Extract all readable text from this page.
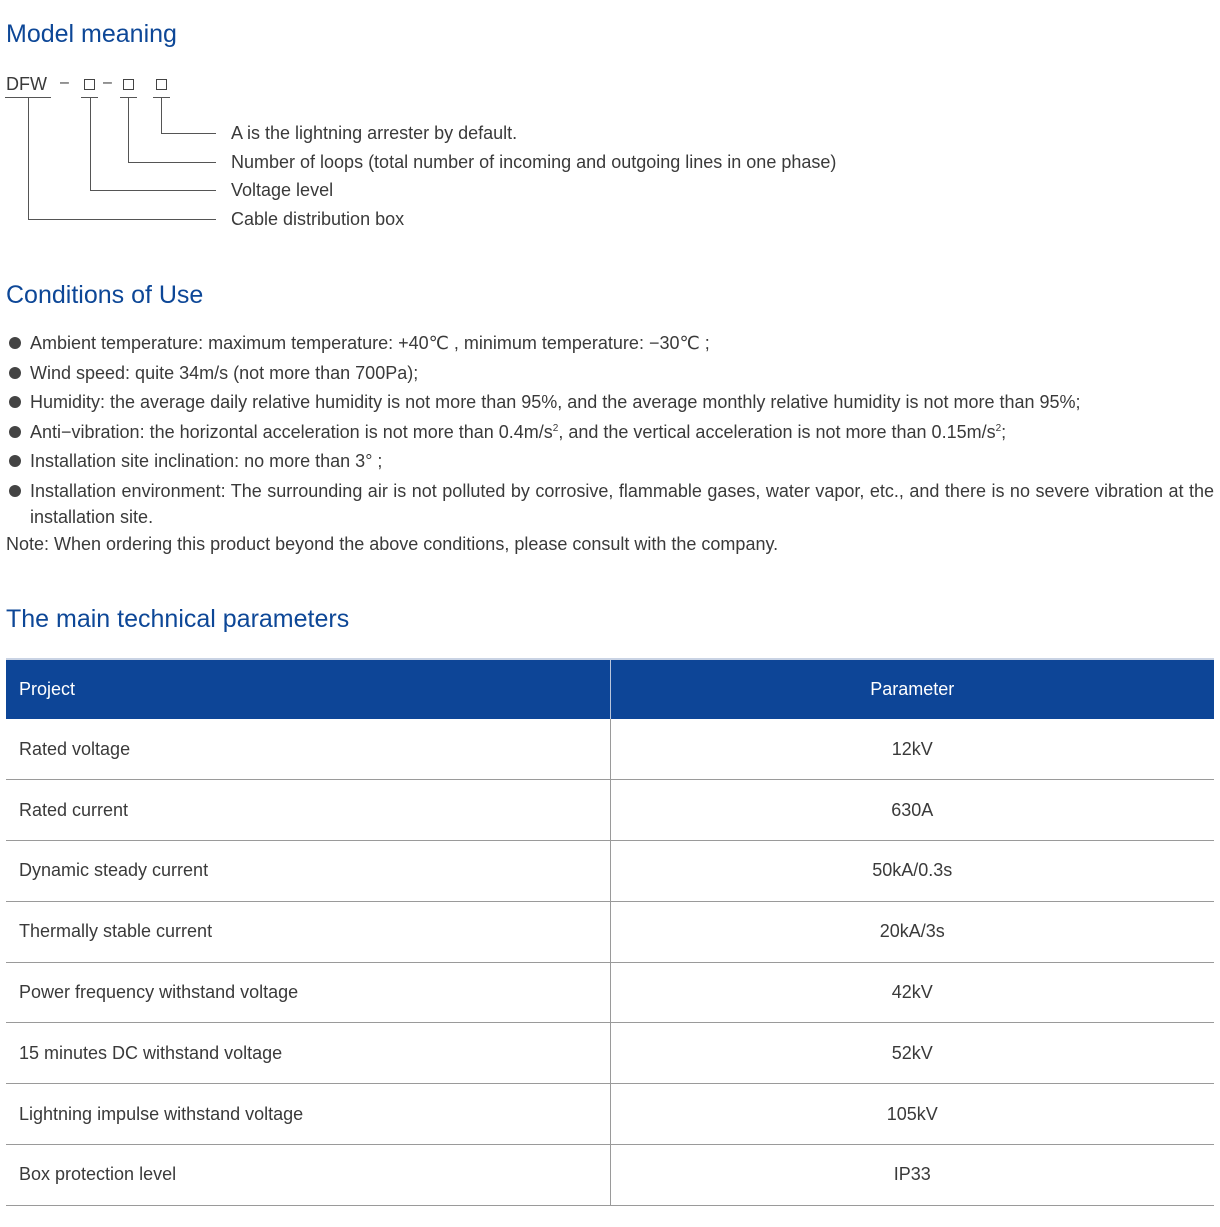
Model meaning
DFW – –
A is the lightning arrester by default.
Number of loops (total number of incoming and outgoing lines in one phase)
Voltage level
Cable distribution box
Conditions of Use
Ambient temperature: maximum temperature: +40℃ , minimum temperature: −30℃ ;
Wind speed: quite 34m/s (not more than 700Pa);
Humidity: the average daily relative humidity is not more than 95%, and the average monthly relative humidity is not more than 95%;
Anti−vibration: the horizontal acceleration is not more than $0.4m/s^2$, and the vertical acceleration is not more than $0.15m/s^2$;
Installation site inclination: no more than 3° ;
Installation environment: The surrounding air is not polluted by corrosive, flammable gases, water vapor, etc., and there is no severe vibration at the installation site.
Note: When ordering this product beyond the above conditions, please consult with the company.
The main technical parameters
Project	Parameter
Rated voltage	12kV
Rated current	630A
Dynamic steady current	50kA/0.3s
Thermally stable current	20kA/3s
Power frequency withstand voltage	42kV
15 minutes DC withstand voltage	52kV
Lightning impulse withstand voltage	105kV
Box protection level	IP33
